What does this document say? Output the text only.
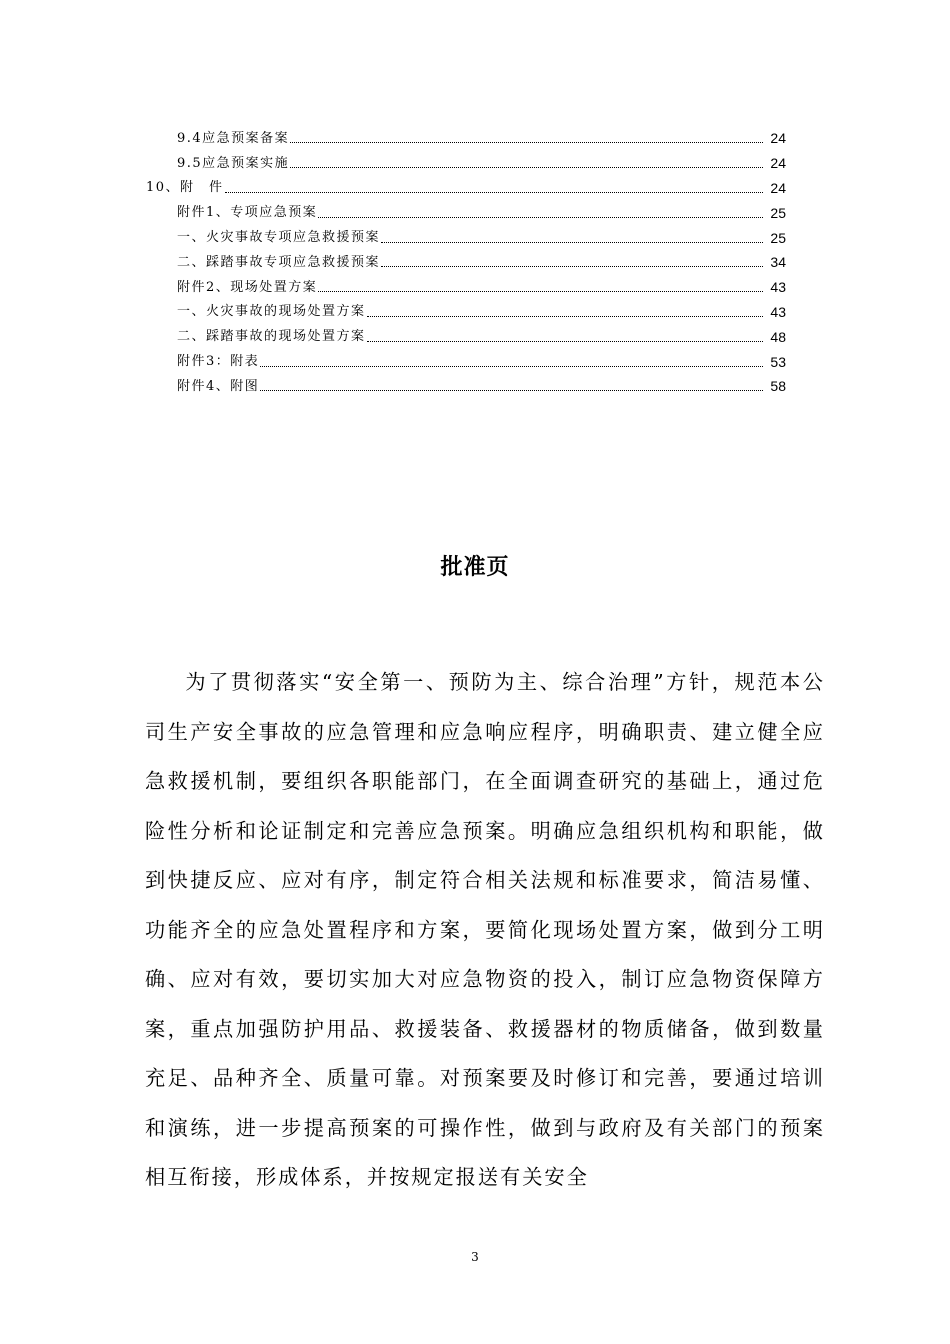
9.4应急预案备案	24
9.5应急预案实施	24
10、附　件	24
附件1、专项应急预案	25
一、火灾事故专项应急救援预案	25
二、踩踏事故专项应急救援预案	34
附件2、现场处置方案	43
一、火灾事故的现场处置方案	43
二、踩踏事故的现场处置方案	48
附件3：附表	53
附件4、附图	58
批准页

为了贯彻落实“安全第一、预防为主、综合治理”方针，规范本公司生产安全事故的应急管理和应急响应程序，明确职责、建立健全应急救援机制，要组织各职能部门，在全面调查研究的基础上，通过危险性分析和论证制定和完善应急预案。明确应急组织机构和职能，做到快捷反应、应对有序，制定符合相关法规和标准要求，简洁易懂、功能齐全的应急处置程序和方案，要简化现场处置方案，做到分工明确、应对有效，要切实加大对应急物资的投入，制订应急物资保障方案，重点加强防护用品、救援装备、救援器材的物质储备，做到数量充足、品种齐全、质量可靠。对预案要及时修订和完善，要通过培训和演练，进一步提高预案的可操作性，做到与政府及有关部门的预案相互衔接，形成体系，并按规定报送有关安全

3
